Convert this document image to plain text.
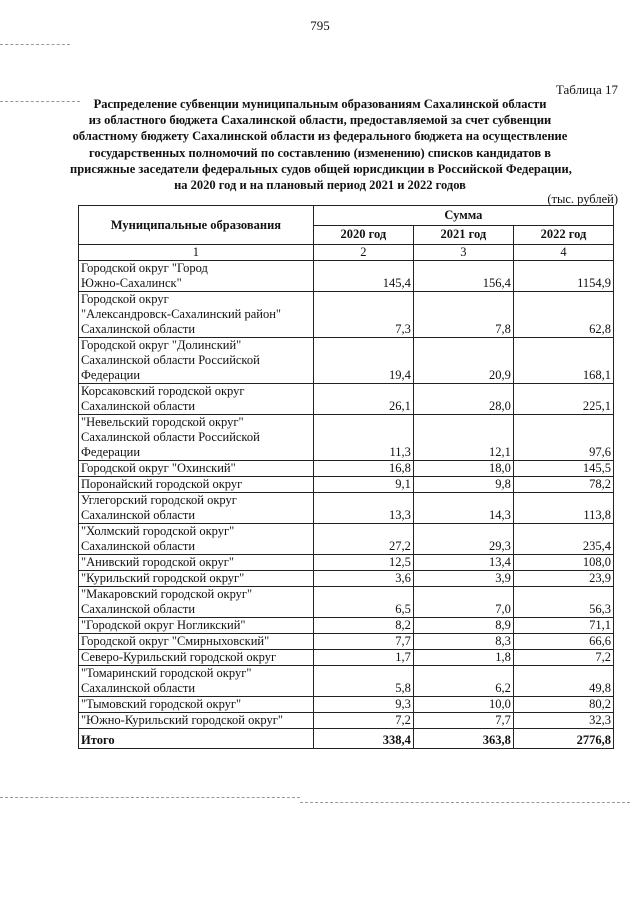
795
Таблица 17
Распределение субвенции муниципальным образованиям Сахалинской области
из областного бюджета Сахалинской области, предоставляемой за счет субвенции
областному бюджету Сахалинской области из федерального бюджета на осуществление
государственных полномочий по составлению (изменению) списков кандидатов в
присяжные заседатели федеральных судов общей юрисдикции в Российской Федерации,
на 2020 год и на плановый период 2021 и 2022 годов
(тыс. рублей)
Муниципальные образования	Сумма		
	2020 год	2021 год	2022 год
1	2	3	4

Городской округ "Город
Южно-Сахалинск"	145,4	156,4	1154,9

Городской округ
"Александровск-Сахалинский район"
Сахалинской области	7,3	7,8	62,8

Городской округ "Долинский"
Сахалинской области Российской
Федерации	19,4	20,9	168,1

Корсаковский городской округ
Сахалинской области	26,1	28,0	225,1

"Невельский городской округ"
Сахалинской области Российской
Федерации	11,3	12,1	97,6

Городской округ "Охинский"	16,8	18,0	145,5

Поронайский городской округ	9,1	9,8	78,2

Углегорский городской округ
Сахалинской области	13,3	14,3	113,8

"Холмский городской округ"
Сахалинской области	27,2	29,3	235,4

"Анивский городской округ"	12,5	13,4	108,0

"Курильский городской округ"	3,6	3,9	23,9

"Макаровский городской округ"
Сахалинской области	6,5	7,0	56,3

"Городской округ Ногликский"	8,2	8,9	71,1

Городской округ "Смирныховский"	7,7	8,3	66,6

Северо-Курильский городской округ	1,7	1,8	7,2

"Томаринский городской округ"
Сахалинской области	5,8	6,2	49,8

"Тымовский городской округ"	9,3	10,0	80,2

"Южно-Курильский городской округ"	7,2	7,7	32,3
Итого	338,4	363,8	2776,8
